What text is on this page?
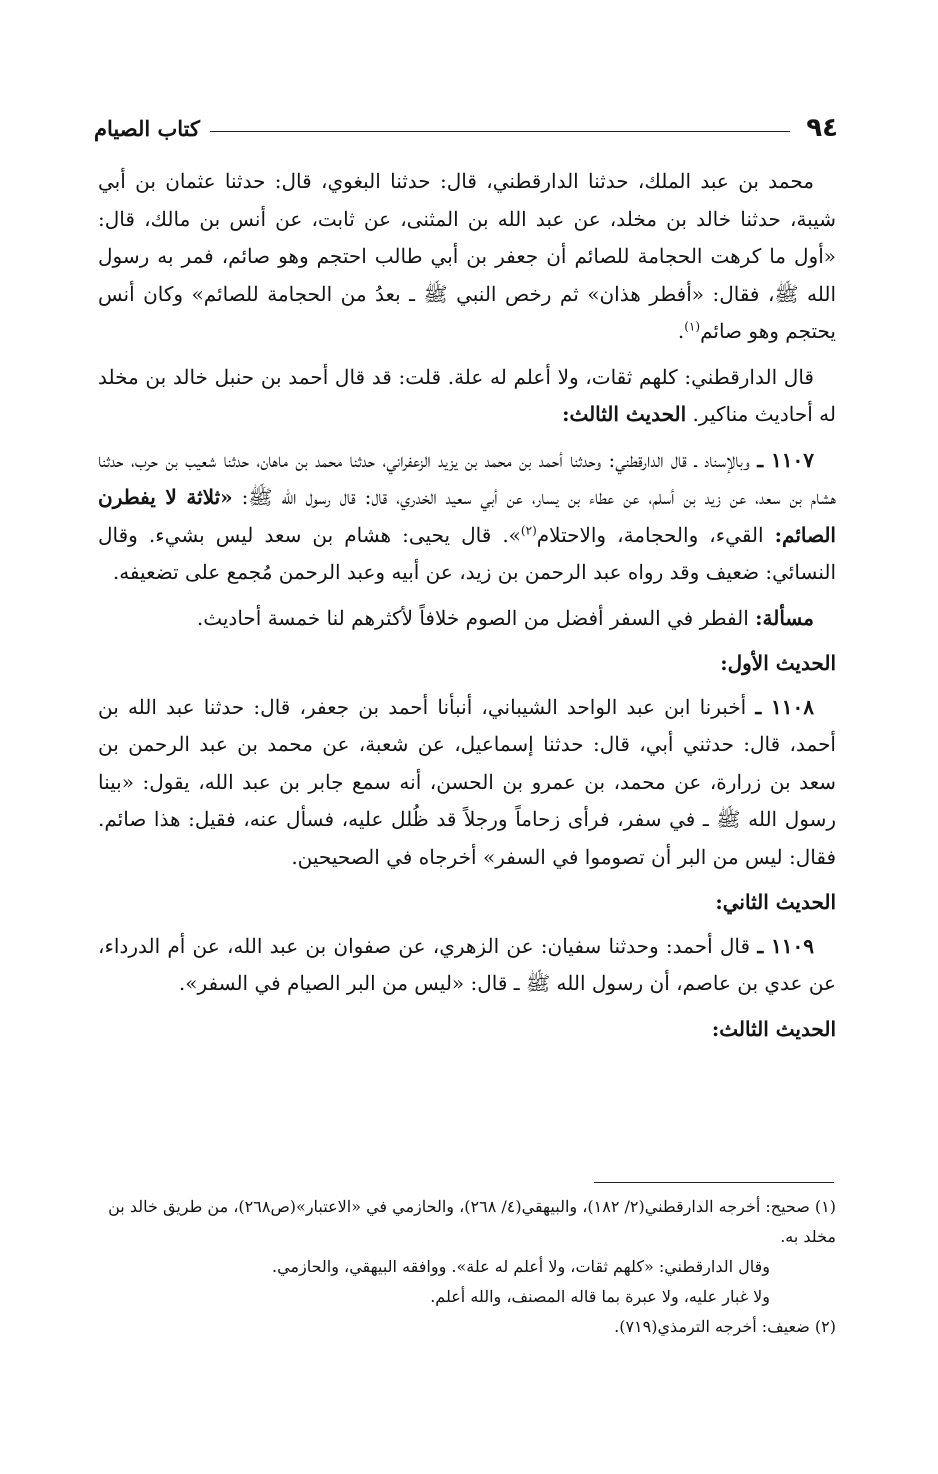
٩٤
كتاب الصيام

محمد بن عبد الملك، حدثنا الدارقطني، قال: حدثنا البغوي، قال: حدثنا عثمان بن أبي شيبة، حدثنا خالد بن مخلد، عن عبد الله بن المثنى، عن ثابت، عن أنس بن مالك، قال: «أول ما كرهت الحجامة للصائم أن جعفر بن أبي طالب احتجم وهو صائم، فمر به رسول الله ﷺ، فقال: «أفطر هذان» ثم رخص النبي ﷺ ـ بعدُ من الحجامة للصائم» وكان أنس يحتجم وهو صائم$^{(١)}$.

قال الدارقطني: كلهم ثقات، ولا أعلم له علة. قلت: قد قال أحمد بن حنبل خالد بن مخلد له أحاديث مناكير. الحديث الثالث:

١١٠٧ ـ وبالإسناد ـ قال الدارقطني: وحدثنا أحمد بن محمد بن يزيد الزعفراني، حدثنا محمد بن ماهان، حدثنا شعيب بن حرب، حدثنا هشام بن سعد، عن زيد بن أسلم، عن عطاء بن يسار، عن أبي سعيد الخدري، قال: قال رسول الله ﷺ: «ثلاثة لا يفطرن الصائم: القيء، والحجامة، والاحتلام$^{(٢)}$». قال يحيى: هشام بن سعد ليس بشيء. وقال النسائي: ضعيف وقد رواه عبد الرحمن بن زيد، عن أبيه وعبد الرحمن مُجمع على تضعيفه.

مسألة: الفطر في السفر أفضل من الصوم خلافاً لأكثرهم لنا خمسة أحاديث.

الحديث الأول:

١١٠٨ ـ أخبرنا ابن عبد الواحد الشيباني، أنبأنا أحمد بن جعفر، قال: حدثنا عبد الله بن أحمد، قال: حدثني أبي، قال: حدثنا إسماعيل، عن شعبة، عن محمد بن عبد الرحمن بن سعد بن زرارة، عن محمد، بن عمرو بن الحسن، أنه سمع جابر بن عبد الله، يقول: «بينا رسول الله ﷺ ـ في سفر، فرأى زحاماً ورجلاً قد ظُلل عليه، فسأل عنه، فقيل: هذا صائم. فقال: ليس من البر أن تصوموا في السفر» أخرجاه في الصحيحين.

الحديث الثاني:

١١٠٩ ـ قال أحمد: وحدثنا سفيان: عن الزهري، عن صفوان بن عبد الله، عن أم الدرداء، عن عدي بن عاصم، أن رسول الله ﷺ ـ قال: «ليس من البر الصيام في السفر».

الحديث الثالث:

(١) صحيح: أخرجه الدارقطني(٢/ ١٨٢)، والبيهقي(٤/ ٢٦٨)، والحازمي في «الاعتبار»(ص٢٦٨)، من طريق خالد بن مخلد به.

وقال الدارقطني: «كلهم ثقات، ولا أعلم له علة». ووافقه البيهقي، والحازمي.

ولا غبار عليه، ولا عبرة بما قاله المصنف، والله أعلم.

(٢) ضعيف: أخرجه الترمذي(٧١٩).
